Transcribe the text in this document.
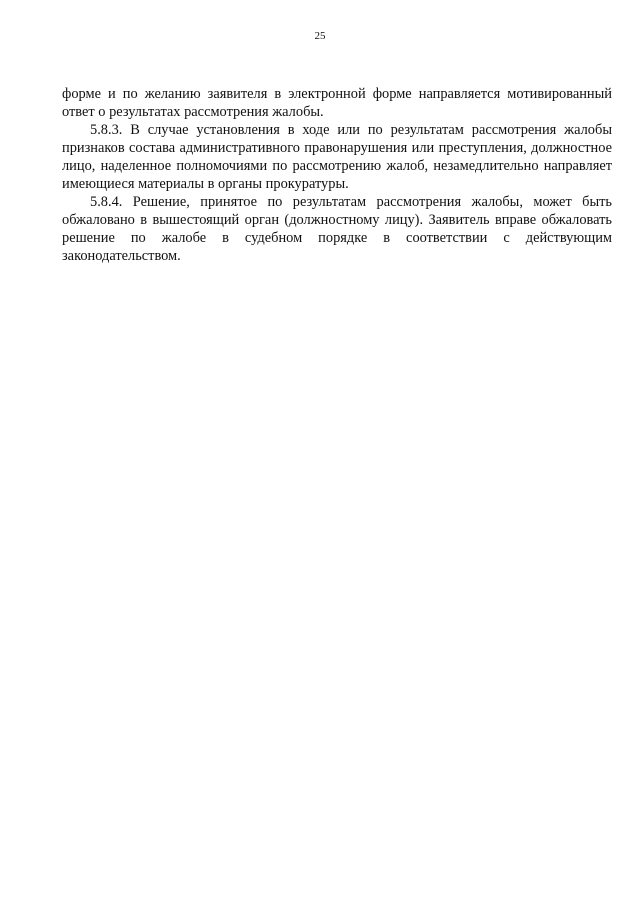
25

форме и по желанию заявителя в электронной форме направляется мотивированный ответ о результатах рассмотрения жалобы.

5.8.3. В случае установления в ходе или по результатам рассмотрения жалобы признаков состава административного правонарушения или преступления, должностное лицо, наделенное полномочиями по рассмотрению жалоб, незамедлительно направляет имеющиеся материалы в органы прокуратуры.

5.8.4. Решение, принятое по результатам рассмотрения жалобы, может быть обжаловано в вышестоящий орган (должностному лицу). Заявитель вправе обжаловать решение по жалобе в судебном порядке в соответствии с действующим законодательством.
